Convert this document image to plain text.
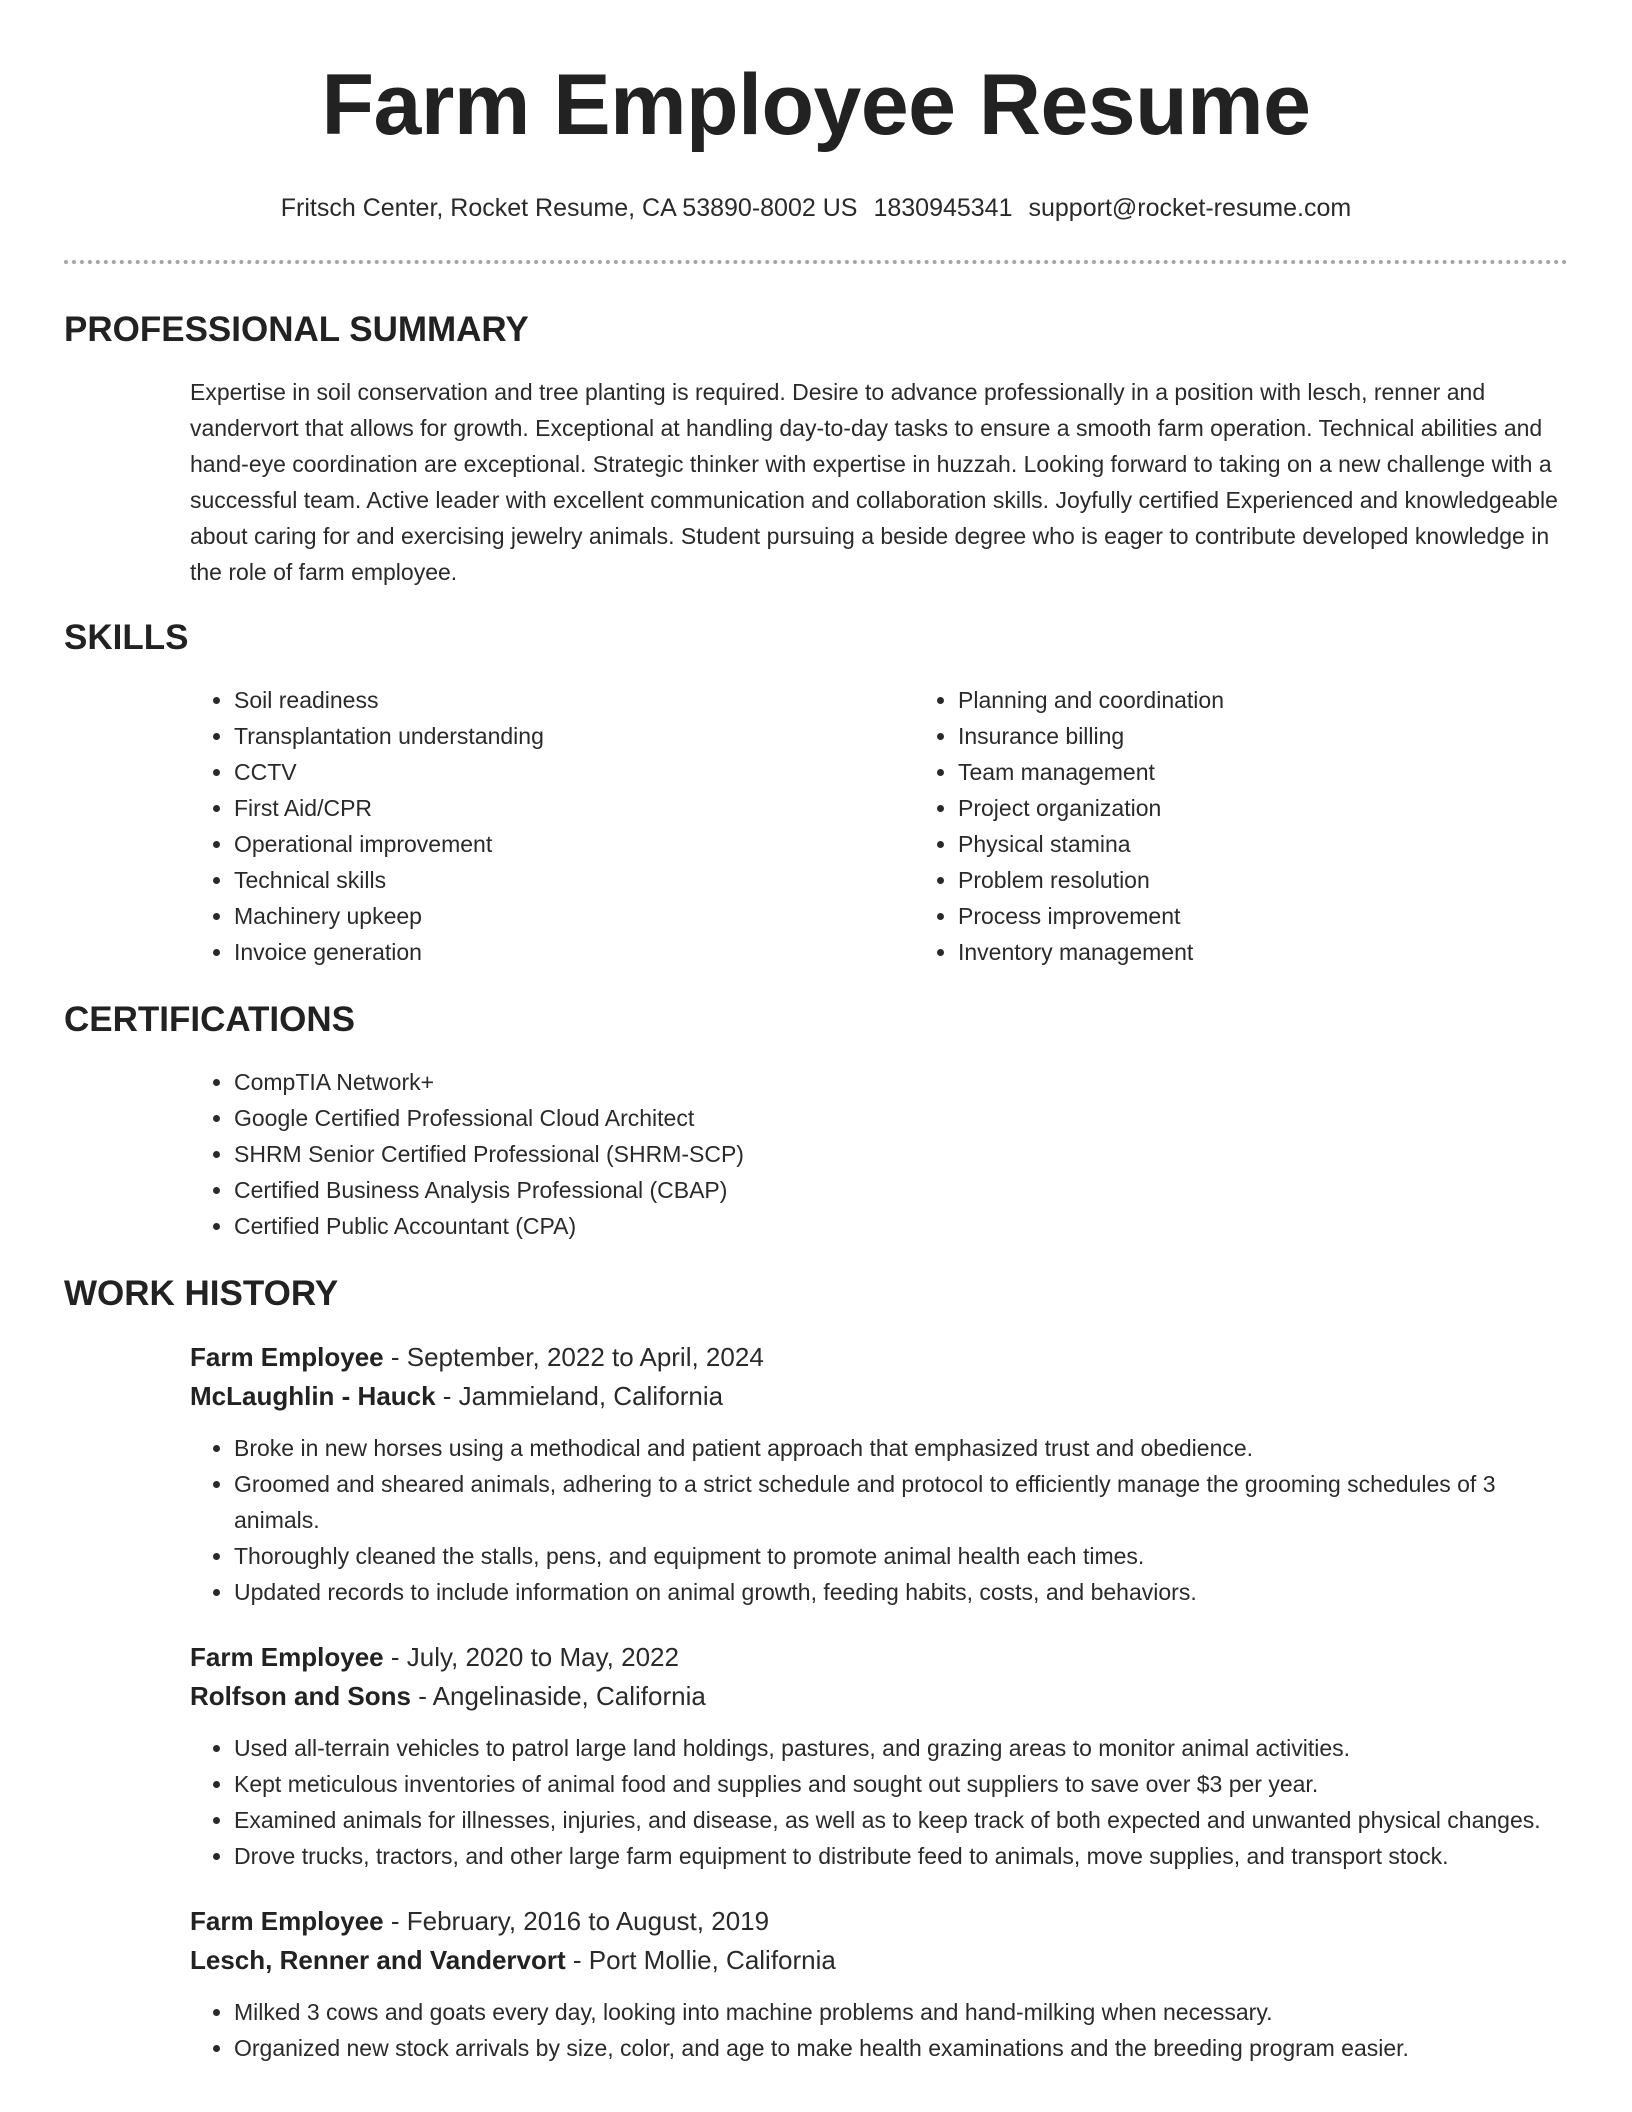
Farm Employee Resume
Fritsch Center, Rocket Resume, CA 53890-8002 US 1830945341 support@rocket-resume.com
PROFESSIONAL SUMMARY
Expertise in soil conservation and tree planting is required. Desire to advance professionally in a position with lesch, renner and vandervort that allows for growth. Exceptional at handling day-to-day tasks to ensure a smooth farm operation. Technical abilities and hand-eye coordination are exceptional. Strategic thinker with expertise in huzzah. Looking forward to taking on a new challenge with a successful team. Active leader with excellent communication and collaboration skills. Joyfully certified Experienced and knowledgeable about caring for and exercising jewelry animals. Student pursuing a beside degree who is eager to contribute developed knowledge in the role of farm employee.
SKILLS
• Soil readiness
• Transplantation understanding
• CCTV
• First Aid/CPR
• Operational improvement
• Technical skills
• Machinery upkeep
• Invoice generation
• Planning and coordination
• Insurance billing
• Team management
• Project organization
• Physical stamina
• Problem resolution
• Process improvement
• Inventory management
CERTIFICATIONS
• CompTIA Network+
• Google Certified Professional Cloud Architect
• SHRM Senior Certified Professional (SHRM-SCP)
• Certified Business Analysis Professional (CBAP)
• Certified Public Accountant (CPA)
WORK HISTORY
Farm Employee - September, 2022 to April, 2024
McLaughlin - Hauck - Jammieland, California
• Broke in new horses using a methodical and patient approach that emphasized trust and obedience.
• Groomed and sheared animals, adhering to a strict schedule and protocol to efficiently manage the grooming schedules of 3 animals.
• Thoroughly cleaned the stalls, pens, and equipment to promote animal health each times.
• Updated records to include information on animal growth, feeding habits, costs, and behaviors.
Farm Employee - July, 2020 to May, 2022
Rolfson and Sons - Angelinaside, California
• Used all-terrain vehicles to patrol large land holdings, pastures, and grazing areas to monitor animal activities.
• Kept meticulous inventories of animal food and supplies and sought out suppliers to save over $3 per year.
• Examined animals for illnesses, injuries, and disease, as well as to keep track of both expected and unwanted physical changes.
• Drove trucks, tractors, and other large farm equipment to distribute feed to animals, move supplies, and transport stock.
Farm Employee - February, 2016 to August, 2019
Lesch, Renner and Vandervort - Port Mollie, California
• Milked 3 cows and goats every day, looking into machine problems and hand-milking when necessary.
• Organized new stock arrivals by size, color, and age to make health examinations and the breeding program easier.
